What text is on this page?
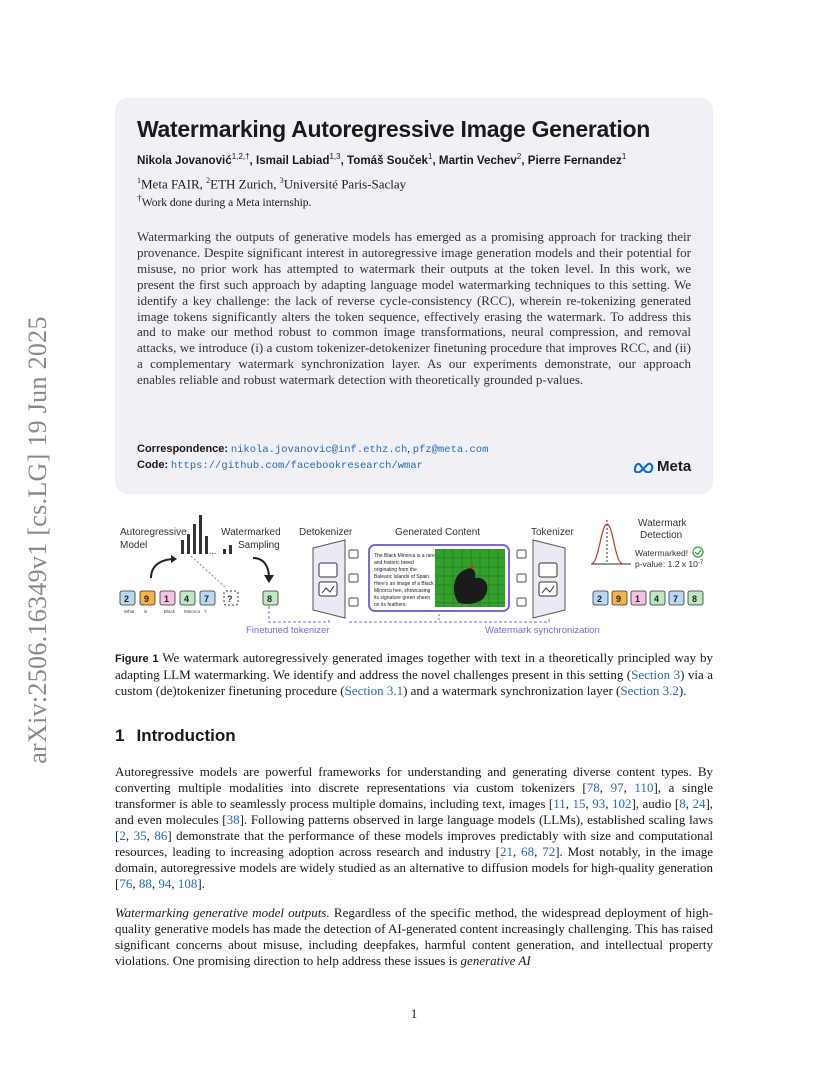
arXiv:2506.16349v1 [cs.LG] 19 Jun 2025
Watermarking Autoregressive Image Generation
Nikola Jovanović$^{1,2,\dagger}$, Ismail Labiad$^{1,3}$, Tomáš Souček$^1$, Martin Vechev$^2$, Pierre Fernandez$^1$
$^1$Meta FAIR, $^2$ETH Zurich, $^3$Université Paris-Saclay
†Work done during a Meta internship.
Watermarking the outputs of generative models has emerged as a promising approach for tracking their provenance. Despite significant interest in autoregressive image generation models and their potential for misuse, no prior work has attempted to watermark their outputs at the token level. In this work, we present the first such approach by adapting language model watermarking techniques to this setting. We identify a key challenge: the lack of reverse cycle-consistency (RCC), wherein re-tokenizing generated image tokens significantly alters the token sequence, effectively erasing the watermark. To address this and to make our method robust to common image transformations, neural compression, and removal attacks, we introduce (i) a custom tokenizer-detokenizer finetuning procedure that improves RCC, and (ii) a complementary watermark synchronization layer. As our experiments demonstrate, our approach enables reliable and robust watermark detection with theoretically grounded p-values.
Correspondence: nikola.jovanovic@inf.ethz.ch, pfz@meta.com
Code: https://github.com/facebookresearch/wmar	Meta
Autoregressive
Model
Watermarked
Sampling
Detokenizer	Generated Content	Tokenizer
Watermark
Detection
...
2 9 1 4 7
What is	Black Minorca ?
?	8
The Black Minorca is a rare
and historic breed
originating from the
Balearic Islands of Spain.
Here's an image of a Black
Minorca hen, showcasing
its signature green sheen
on its feathers:
2 9 1 4 7 8
Watermarked!
p-value: 1.2 x $10^{-7}$
Finetuned tokenizer	Watermark synchronization
Figure 1 We watermark autoregressively generated images together with text in a theoretically principled way by adapting LLM watermarking. We identify and address the novel challenges present in this setting (Section 3) via a custom (de)tokenizer finetuning procedure (Section 3.1) and a watermark synchronization layer (Section 3.2).
1 Introduction
Autoregressive models are powerful frameworks for understanding and generating diverse content types. By converting multiple modalities into discrete representations via custom tokenizers [78, 97, 110], a single transformer is able to seamlessly process multiple domains, including text, images [11, 15, 93, 102], audio [8, 24], and even molecules [38]. Following patterns observed in large language models (LLMs), established scaling laws [2, 35, 86] demonstrate that the performance of these models improves predictably with size and computational resources, leading to increasing adoption across research and industry [21, 68, 72]. Most notably, in the image domain, autoregressive models are widely studied as an alternative to diffusion models for high-quality generation [76, 88, 94, 108].
Watermarking generative model outputs. Regardless of the specific method, the widespread deployment of high-quality generative models has made the detection of AI-generated content increasingly challenging. This has raised significant concerns about misuse, including deepfakes, harmful content generation, and intellectual property violations. One promising direction to help address these issues is generative AI
1
